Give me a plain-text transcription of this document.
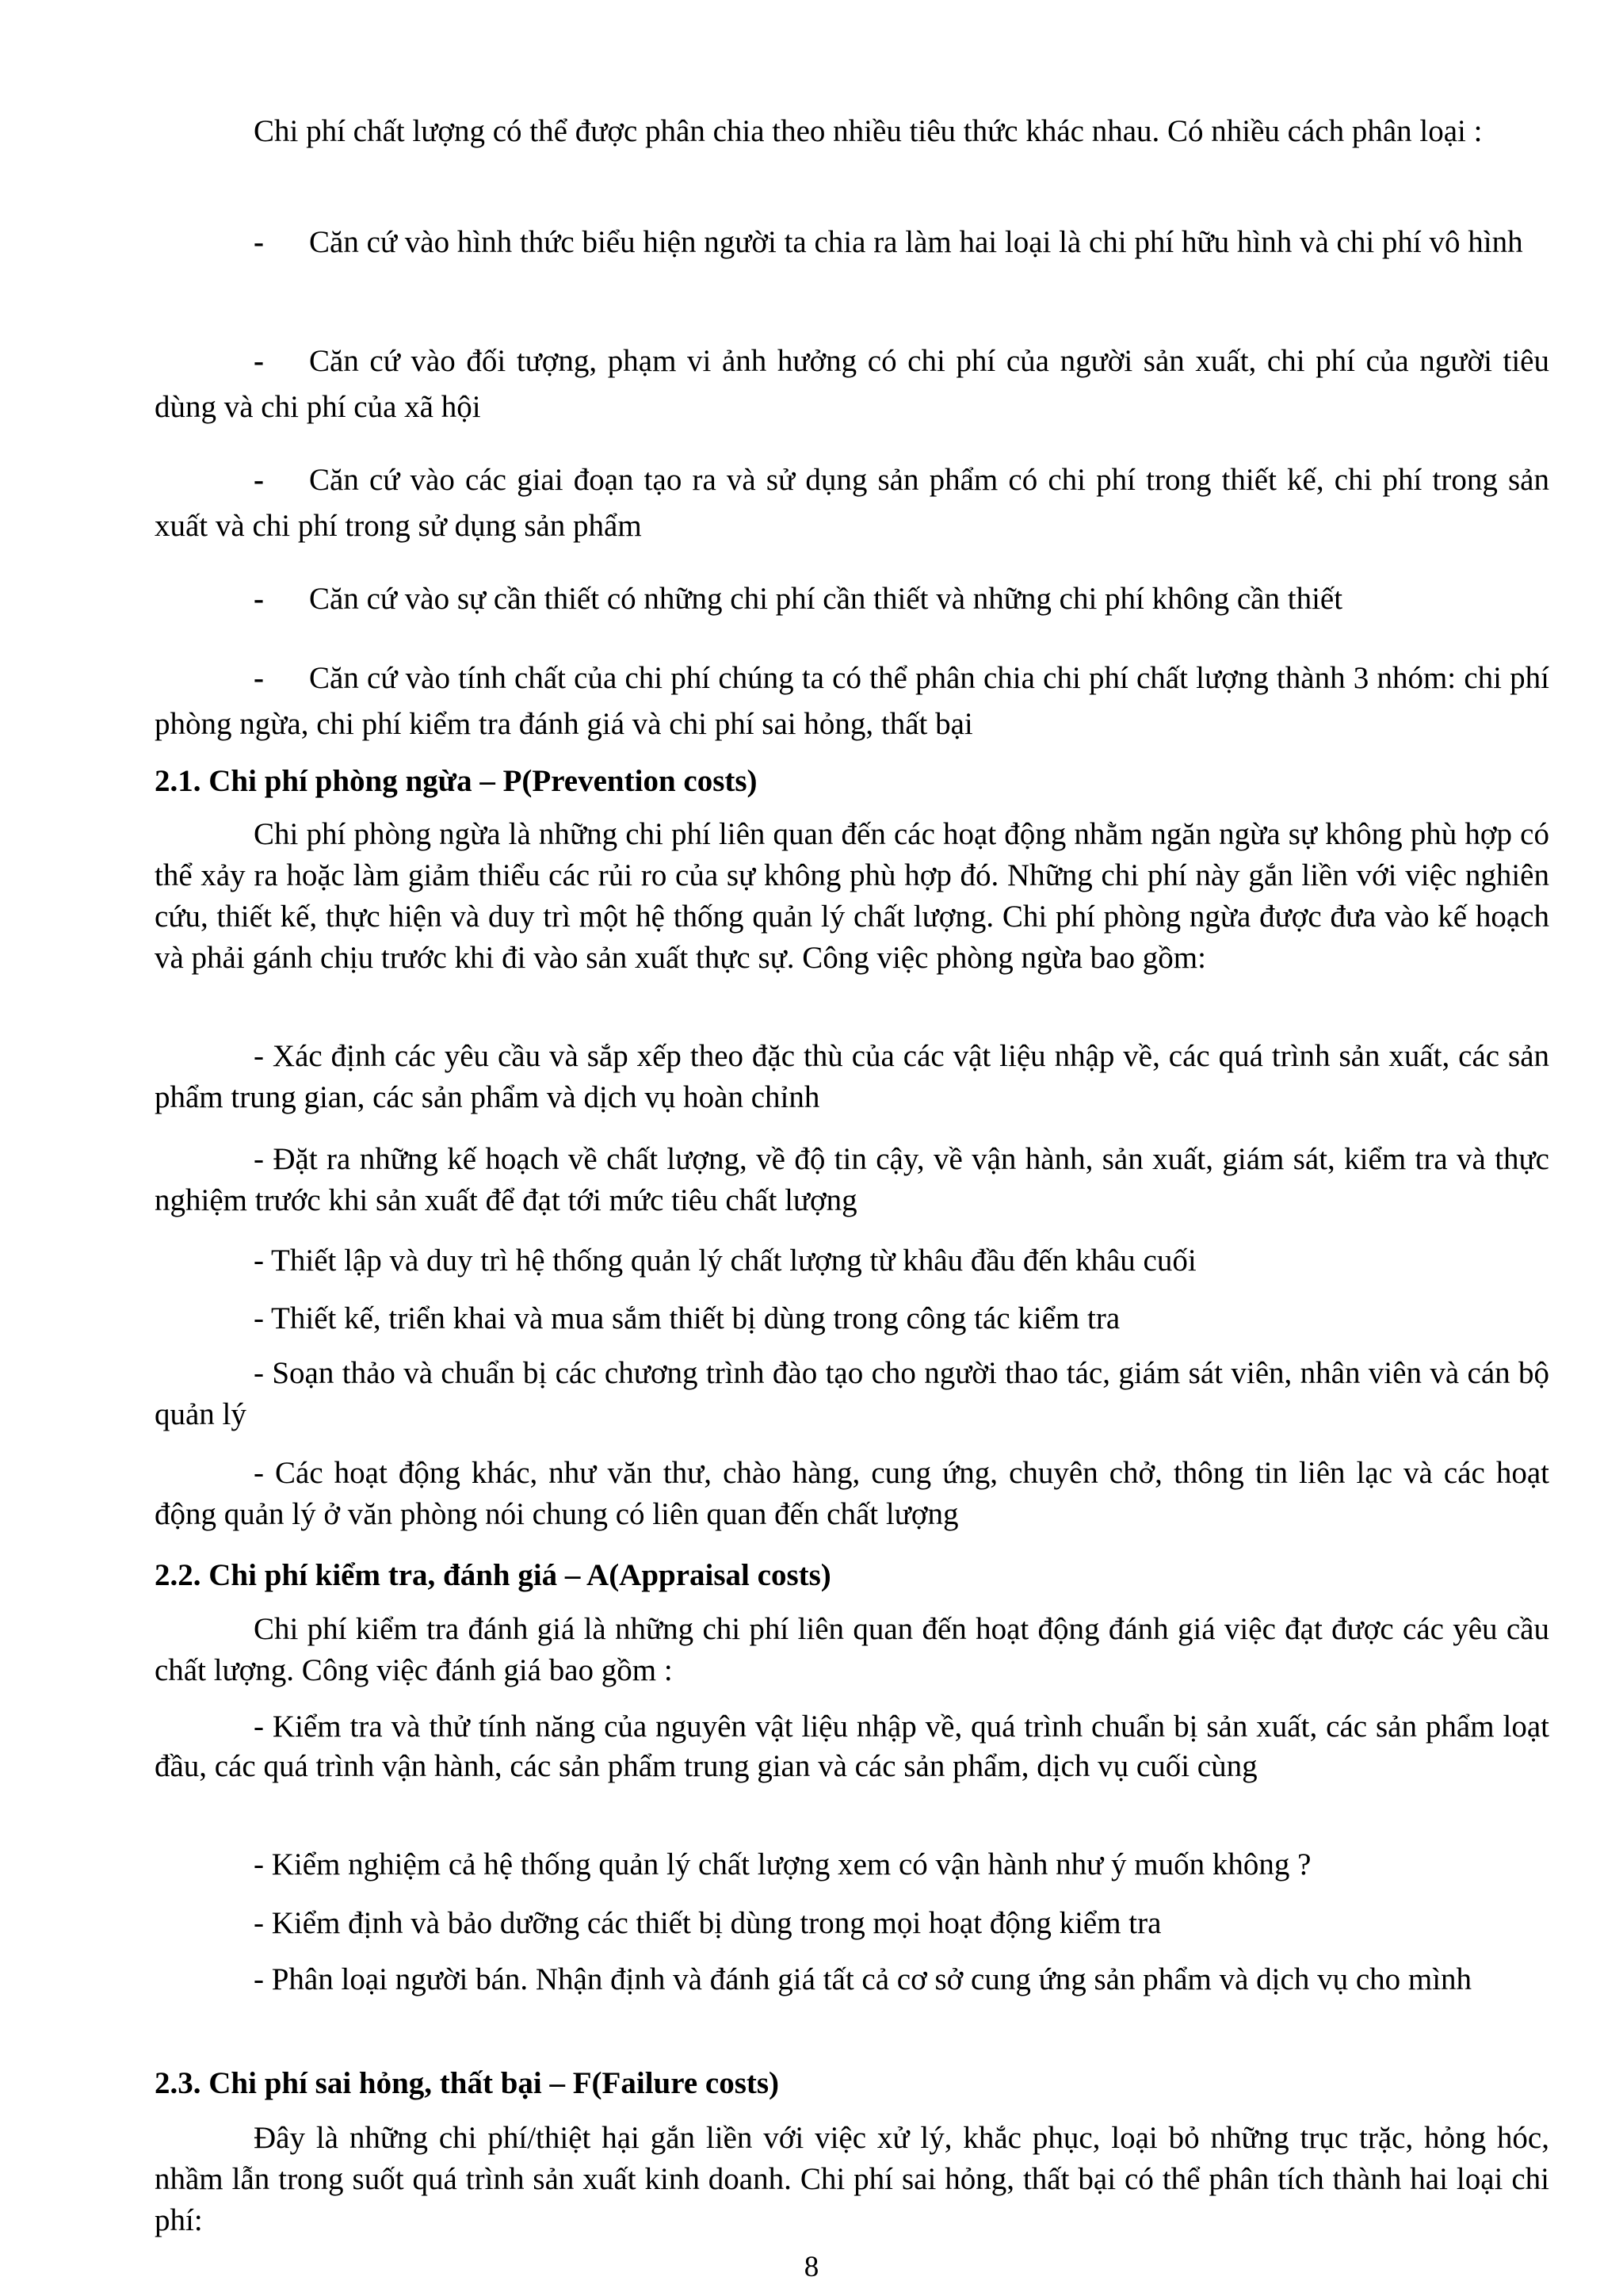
Chi phí chất lượng có thể được phân chia theo nhiều tiêu thức khác nhau. Có nhiều cách phân loại :

- Căn cứ vào hình thức biểu hiện người ta chia ra làm hai loại là chi phí hữu hình và chi phí vô hình

- Căn cứ vào đối tượng, phạm vi ảnh hưởng có chi phí của người sản xuất, chi phí của người tiêu dùng và chi phí của xã hội

- Căn cứ vào các giai đoạn tạo ra và sử dụng sản phẩm có chi phí trong thiết kế, chi phí trong sản xuất và chi phí trong sử dụng sản phẩm

- Căn cứ vào sự cần thiết có những chi phí cần thiết và những chi phí không cần thiết

- Căn cứ vào tính chất của chi phí chúng ta có thể phân chia chi phí chất lượng thành 3 nhóm: chi phí phòng ngừa, chi phí kiểm tra đánh giá và chi phí sai hỏng, thất bại

2.1. Chi phí phòng ngừa – P(Prevention costs)

Chi phí phòng ngừa là những chi phí liên quan đến các hoạt động nhằm ngăn ngừa sự không phù hợp có thể xảy ra hoặc làm giảm thiểu các rủi ro của sự không phù hợp đó. Những chi phí này gắn liền với việc nghiên cứu, thiết kế, thực hiện và duy trì một hệ thống quản lý chất lượng. Chi phí phòng ngừa được đưa vào kế hoạch và phải gánh chịu trước khi đi vào sản xuất thực sự. Công việc phòng ngừa bao gồm:

- Xác định các yêu cầu và sắp xếp theo đặc thù của các vật liệu nhập về, các quá trình sản xuất, các sản phẩm trung gian, các sản phẩm và dịch vụ hoàn chỉnh

- Đặt ra những kế hoạch về chất lượng, về độ tin cậy, về vận hành, sản xuất, giám sát, kiểm tra và thực nghiệm trước khi sản xuất để đạt tới mức tiêu chất lượng

- Thiết lập và duy trì hệ thống quản lý chất lượng từ khâu đầu đến khâu cuối

- Thiết kế, triển khai và mua sắm thiết bị dùng trong công tác kiểm tra

- Soạn thảo và chuẩn bị các chương trình đào tạo cho người thao tác, giám sát viên, nhân viên và cán bộ quản lý

- Các hoạt động khác, như văn thư, chào hàng, cung ứng, chuyên chở, thông tin liên lạc và các hoạt động quản lý ở văn phòng nói chung có liên quan đến chất lượng

2.2. Chi phí kiểm tra, đánh giá – A(Appraisal costs)

Chi phí kiểm tra đánh giá là những chi phí liên quan đến hoạt động đánh giá việc đạt được các yêu cầu chất lượng. Công việc đánh giá bao gồm :

- Kiểm tra và thử tính năng của nguyên vật liệu nhập về, quá trình chuẩn bị sản xuất, các sản phẩm loạt đầu, các quá trình vận hành, các sản phẩm trung gian và các sản phẩm, dịch vụ cuối cùng

- Kiểm nghiệm cả hệ thống quản lý chất lượng xem có vận hành như ý muốn không ?

- Kiểm định và bảo dưỡng các thiết bị dùng trong mọi hoạt động kiểm tra

- Phân loại người bán. Nhận định và đánh giá tất cả cơ sở cung ứng sản phẩm và dịch vụ cho mình

2.3. Chi phí sai hỏng, thất bại – F(Failure costs)

Đây là những chi phí/thiệt hại gắn liền với việc xử lý, khắc phục, loại bỏ những trục trặc, hỏng hóc, nhầm lẫn trong suốt quá trình sản xuất kinh doanh. Chi phí sai hỏng, thất bại có thể phân tích thành hai loại chi phí:

8
